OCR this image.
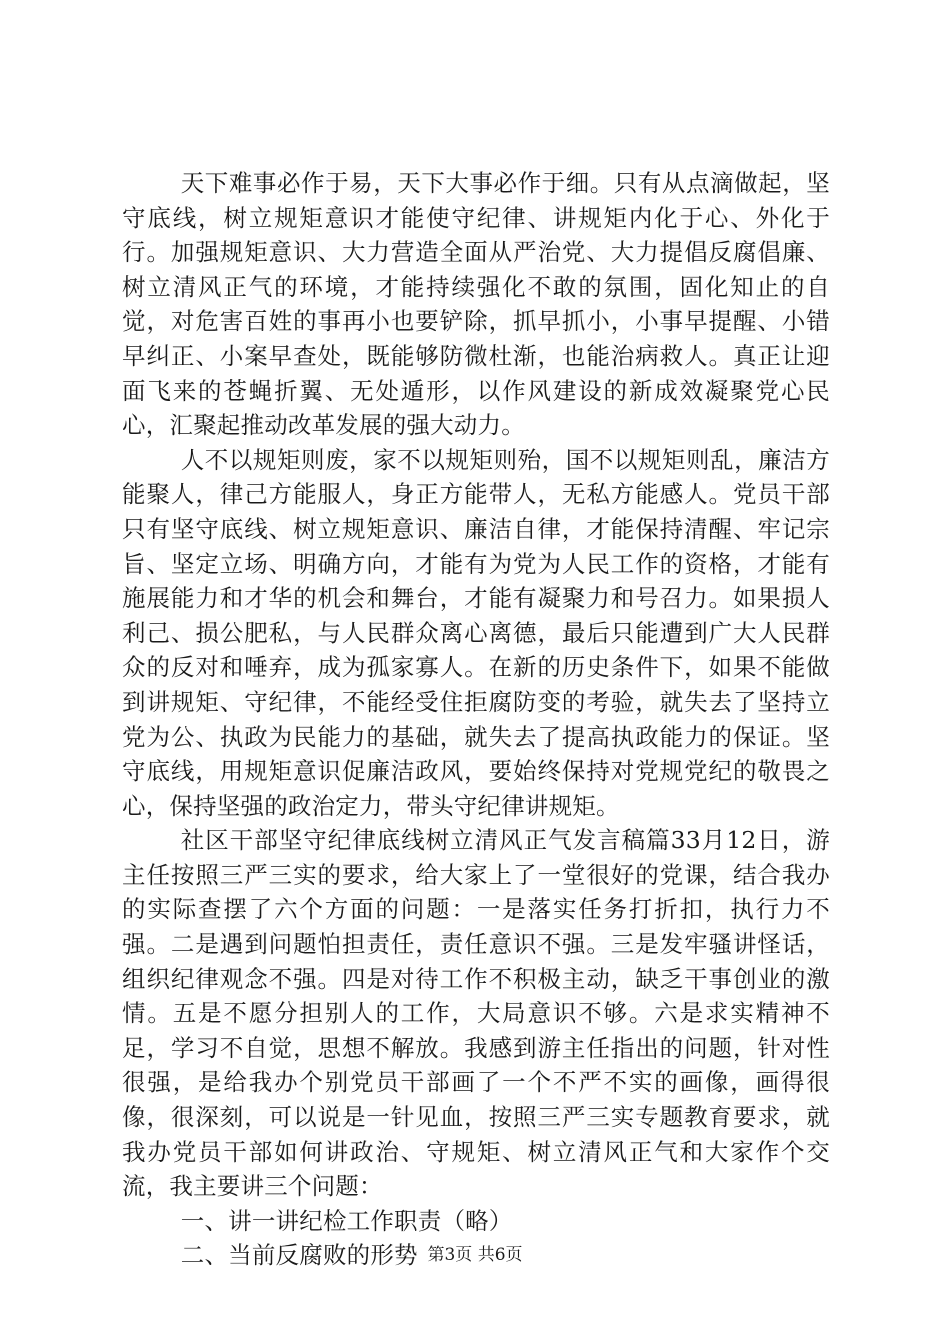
天下难事必作于易，天下大事必作于细。只有从点滴做起，坚守底线，树立规矩意识才能使守纪律、讲规矩内化于心、外化于行。加强规矩意识、大力营造全面从严治党、大力提倡反腐倡廉、树立清风正气的环境，才能持续强化不敢的氛围，固化知止的自觉，对危害百姓的事再小也要铲除，抓早抓小，小事早提醒、小错早纠正、小案早查处，既能够防微杜渐，也能治病救人。真正让迎面飞来的苍蝇折翼、无处遁形，以作风建设的新成效凝聚党心民心，汇聚起推动改革发展的强大动力。

人不以规矩则废，家不以规矩则殆，国不以规矩则乱，廉洁方能聚人，律己方能服人，身正方能带人，无私方能感人。党员干部只有坚守底线、树立规矩意识、廉洁自律，才能保持清醒、牢记宗旨、坚定立场、明确方向，才能有为党为人民工作的资格，才能有施展能力和才华的机会和舞台，才能有凝聚力和号召力。如果损人利己、损公肥私，与人民群众离心离德，最后只能遭到广大人民群众的反对和唾弃，成为孤家寡人。在新的历史条件下，如果不能做到讲规矩、守纪律，不能经受住拒腐防变的考验，就失去了坚持立党为公、执政为民能力的基础，就失去了提高执政能力的保证。坚守底线，用规矩意识促廉洁政风，要始终保持对党规党纪的敬畏之心，保持坚强的政治定力，带头守纪律讲规矩。

社区干部坚守纪律底线树立清风正气发言稿篇33月12日，游主任按照三严三实的要求，给大家上了一堂很好的党课，结合我办的实际查摆了六个方面的问题：一是落实任务打折扣，执行力不强。二是遇到问题怕担责任，责任意识不强。三是发牢骚讲怪话，组织纪律观念不强。四是对待工作不积极主动，缺乏干事创业的激情。五是不愿分担别人的工作，大局意识不够。六是求实精神不足，学习不自觉，思想不解放。我感到游主任指出的问题，针对性很强，是给我办个别党员干部画了一个不严不实的画像，画得很像，很深刻，可以说是一针见血，按照三严三实专题教育要求，就我办党员干部如何讲政治、守规矩、树立清风正气和大家作个交流，我主要讲三个问题：

一、讲一讲纪检工作职责（略）

二、当前反腐败的形势 第3页 共6页
